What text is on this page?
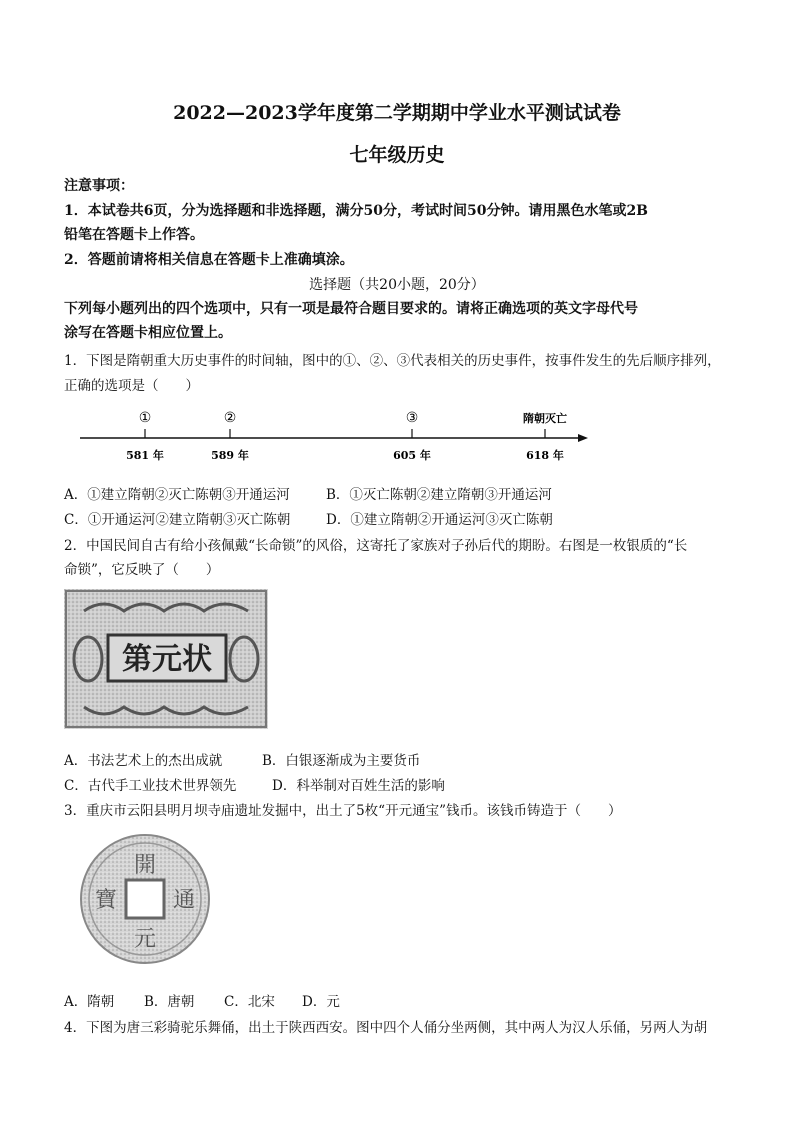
2022—2023学年度第二学期期中学业水平测试试卷
七年级历史
注意事项：
1．本试卷共6页，分为选择题和非选择题，满分50分，考试时间50分钟。请用黑色水笔或2B
铅笔在答题卡上作答。
2．答题前请将相关信息在答题卡上准确填涂。
选择题（共20小题，20分）
下列每小题列出的四个选项中，只有一项是最符合题目要求的。请将正确选项的英文字母代号
涂写在答题卡相应位置上。
1．下图是隋朝重大历史事件的时间轴，图中的①、②、③代表相关的历史事件，按事件发生的先后顺序排列，
正确的选项是（　　）
①
581 年
②
589 年
③
605 年
隋朝灭亡
618 年
A．①建立隋朝②灭亡陈朝③开通运河	B．①灭亡陈朝②建立隋朝③开通运河
C．①开通运河②建立隋朝③灭亡陈朝	D．①建立隋朝②开通运河③灭亡陈朝
2．中国民间自古有给小孩佩戴“长命锁”的风俗，这寄托了家族对子孙后代的期盼。右图是一枚银质的“长
命锁”，它反映了（　　）
第元状
A．书法艺术上的杰出成就	B．白银逐渐成为主要货币
C．古代手工业技术世界领先	D．科举制对百姓生活的影响
3．重庆市云阳县明月坝寺庙遗址发掘中，出土了5枚“开元通宝”钱币。该钱币铸造于（　　）
開
元
通
寶
A．隋朝 B．唐朝 C．北宋 D．元
4．下图为唐三彩骑驼乐舞俑，出土于陕西西安。图中四个人俑分坐两侧，其中两人为汉人乐俑，另两人为胡
